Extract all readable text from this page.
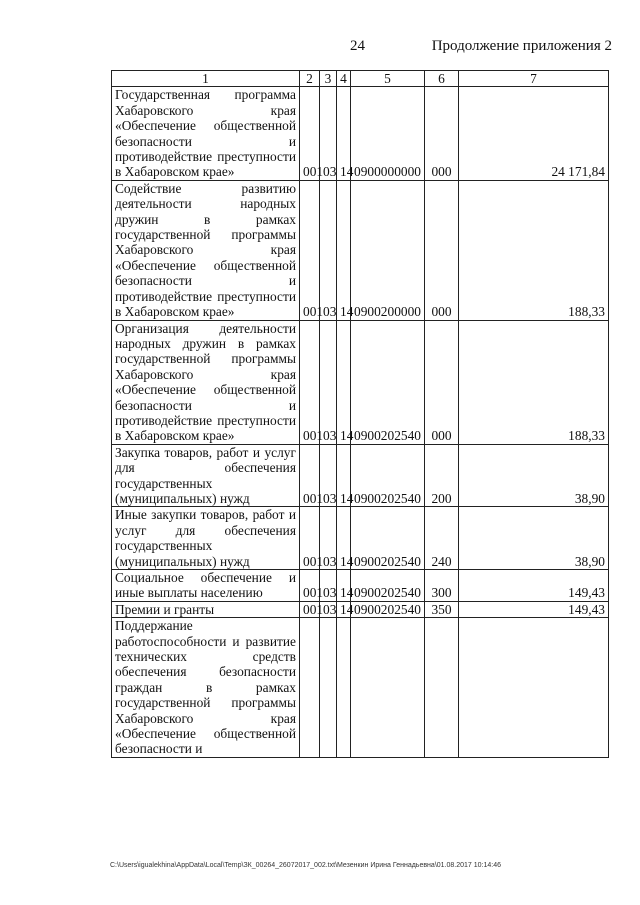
24	Продолжение приложения 2
1	2	3	4	5	6	7
Государственная программа Хабаровского края «Обеспечение общественной безопасности и противодействие преступности в Хабаровском крае»	001	03	14	0900000000	000	24 171,84
Содействие развитию деятельности народных дружин в рамках государственной программы Хабаровского края «Обеспечение общественной безопасности и противодействие преступности в Хабаровском крае»	001	03	14	0900200000	000	188,33
Организация деятельности народных дружин в рамках государственной программы Хабаровского края «Обеспечение общественной безопасности и противодействие преступности в Хабаровском крае»	001	03	14	0900202540	000	188,33
Закупка товаров, работ и услуг для обеспечения государственных (муниципальных) нужд	001	03	14	0900202540	200	38,90
Иные закупки товаров, работ и услуг для обеспечения государственных (муниципальных) нужд	001	03	14	0900202540	240	38,90
Социальное обеспечение и иные выплаты населению	001	03	14	0900202540	300	149,43
Премии и гранты	001	03	14	0900202540	350	149,43
Поддержание работоспособности и развитие технических средств обеспечения безопасности граждан в рамках государственной программы Хабаровского края «Обеспечение общественной безопасности и						
C:\Users\igualekhina\AppData\Local\Temp\ЗК_00264_26072017_002.txt\Мезенкин Ирина Геннадьевна\01.08.2017 10:14:46
